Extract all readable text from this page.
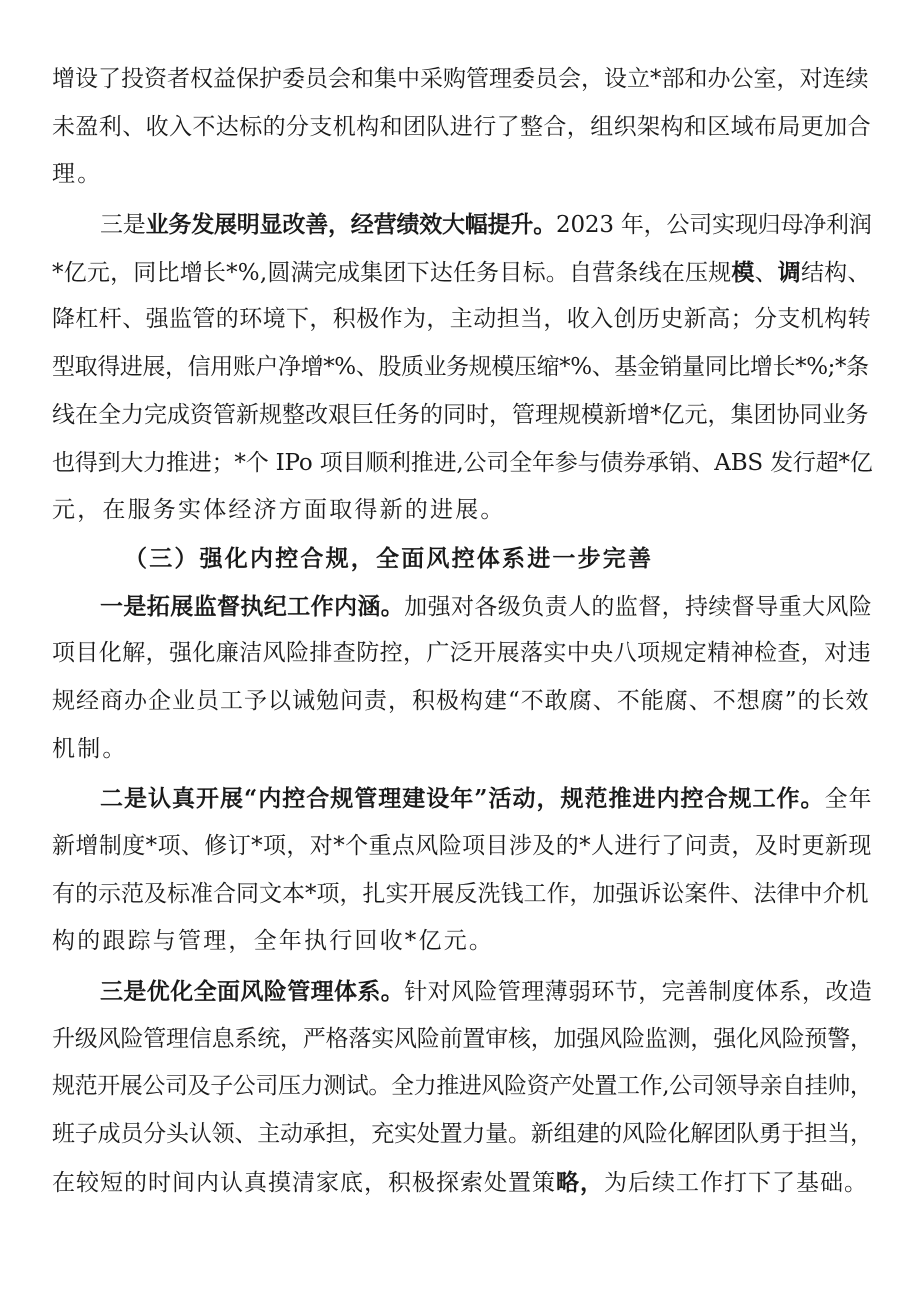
增设了投资者权益保护委员会和集中采购管理委员会，设立*部和办公室，对连续
未盈利、收入不达标的分支机构和团队进行了整合，组织架构和区域布局更加合
理。
三是业务发展明显改善，经营绩效大幅提升。2023 年，公司实现归母净利润
*亿元，同比增长*%,圆满完成集团下达任务目标。自营条线在压规模、调结构、
降杠杆、强监管的环境下，积极作为，主动担当，收入创历史新高；分支机构转
型取得进展，信用账户净增*%、股质业务规模压缩*%、基金销量同比增长*%;*条
线在全力完成资管新规整改艰巨任务的同时，管理规模新增*亿元，集团协同业务
也得到大力推进；*个 IPo 项目顺利推进,公司全年参与债券承销、ABS 发行超*亿
元，在服务实体经济方面取得新的进展。
（三）强化内控合规，全面风控体系进一步完善
一是拓展监督执纪工作内涵。加强对各级负责人的监督，持续督导重大风险
项目化解，强化廉洁风险排查防控，广泛开展落实中央八项规定精神检查，对违
规经商办企业员工予以诫勉问责，积极构建“不敢腐、不能腐、不想腐”的长效
机制。
二是认真开展“内控合规管理建设年”活动，规范推进内控合规工作。全年
新增制度*项、修订*项，对*个重点风险项目涉及的*人进行了问责，及时更新现
有的示范及标准合同文本*项，扎实开展反洗钱工作，加强诉讼案件、法律中介机
构的跟踪与管理，全年执行回收*亿元。
三是优化全面风险管理体系。针对风险管理薄弱环节，完善制度体系，改造
升级风险管理信息系统，严格落实风险前置审核，加强风险监测，强化风险预警，
规范开展公司及子公司压力测试。全力推进风险资产处置工作,公司领导亲自挂帅，
班子成员分头认领、主动承担，充实处置力量。新组建的风险化解团队勇于担当，
在较短的时间内认真摸清家底，积极探索处置策略，为后续工作打下了基础。
